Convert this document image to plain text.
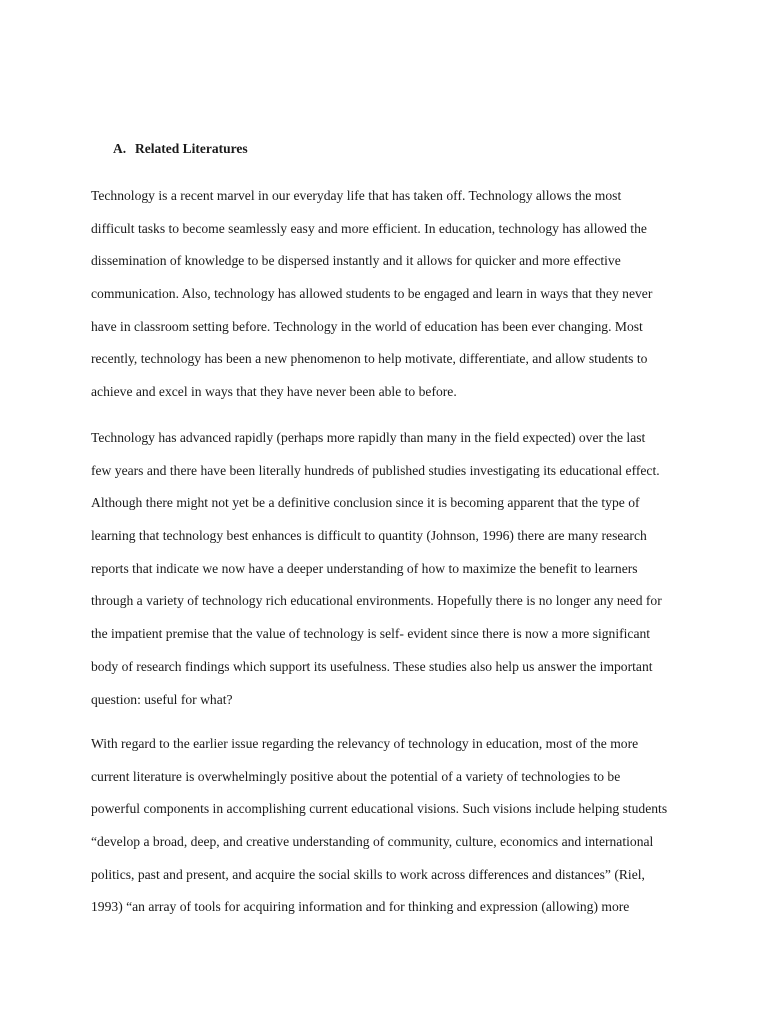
A. Related Literatures
Technology is a recent marvel in our everyday life that has taken off. Technology allows the most
difficult tasks to become seamlessly easy and more efficient. In education, technology has allowed the
dissemination of knowledge to be dispersed instantly and it allows for quicker and more effective
communication. Also, technology has allowed students to be engaged and learn in ways that they never
have in classroom setting before. Technology in the world of education has been ever changing. Most
recently, technology has been a new phenomenon to help motivate, differentiate, and allow students to
achieve and excel in ways that they have never been able to before.
Technology has advanced rapidly (perhaps more rapidly than many in the field expected) over the last
few years and there have been literally hundreds of published studies investigating its educational effect.
Although there might not yet be a definitive conclusion since it is becoming apparent that the type of
learning that technology best enhances is difficult to quantity (Johnson, 1996) there are many research
reports that indicate we now have a deeper understanding of how to maximize the benefit to learners
through a variety of technology rich educational environments. Hopefully there is no longer any need for
the impatient premise that the value of technology is self- evident since there is now a more significant
body of research findings which support its usefulness. These studies also help us answer the important
question: useful for what?
With regard to the earlier issue regarding the relevancy of technology in education, most of the more
current literature is overwhelmingly positive about the potential of a variety of technologies to be
powerful components in accomplishing current educational visions. Such visions include helping students
“develop a broad, deep, and creative understanding of community, culture, economics and international
politics, past and present, and acquire the social skills to work across differences and distances” (Riel,
1993) “an array of tools for acquiring information and for thinking and expression (allowing) more
